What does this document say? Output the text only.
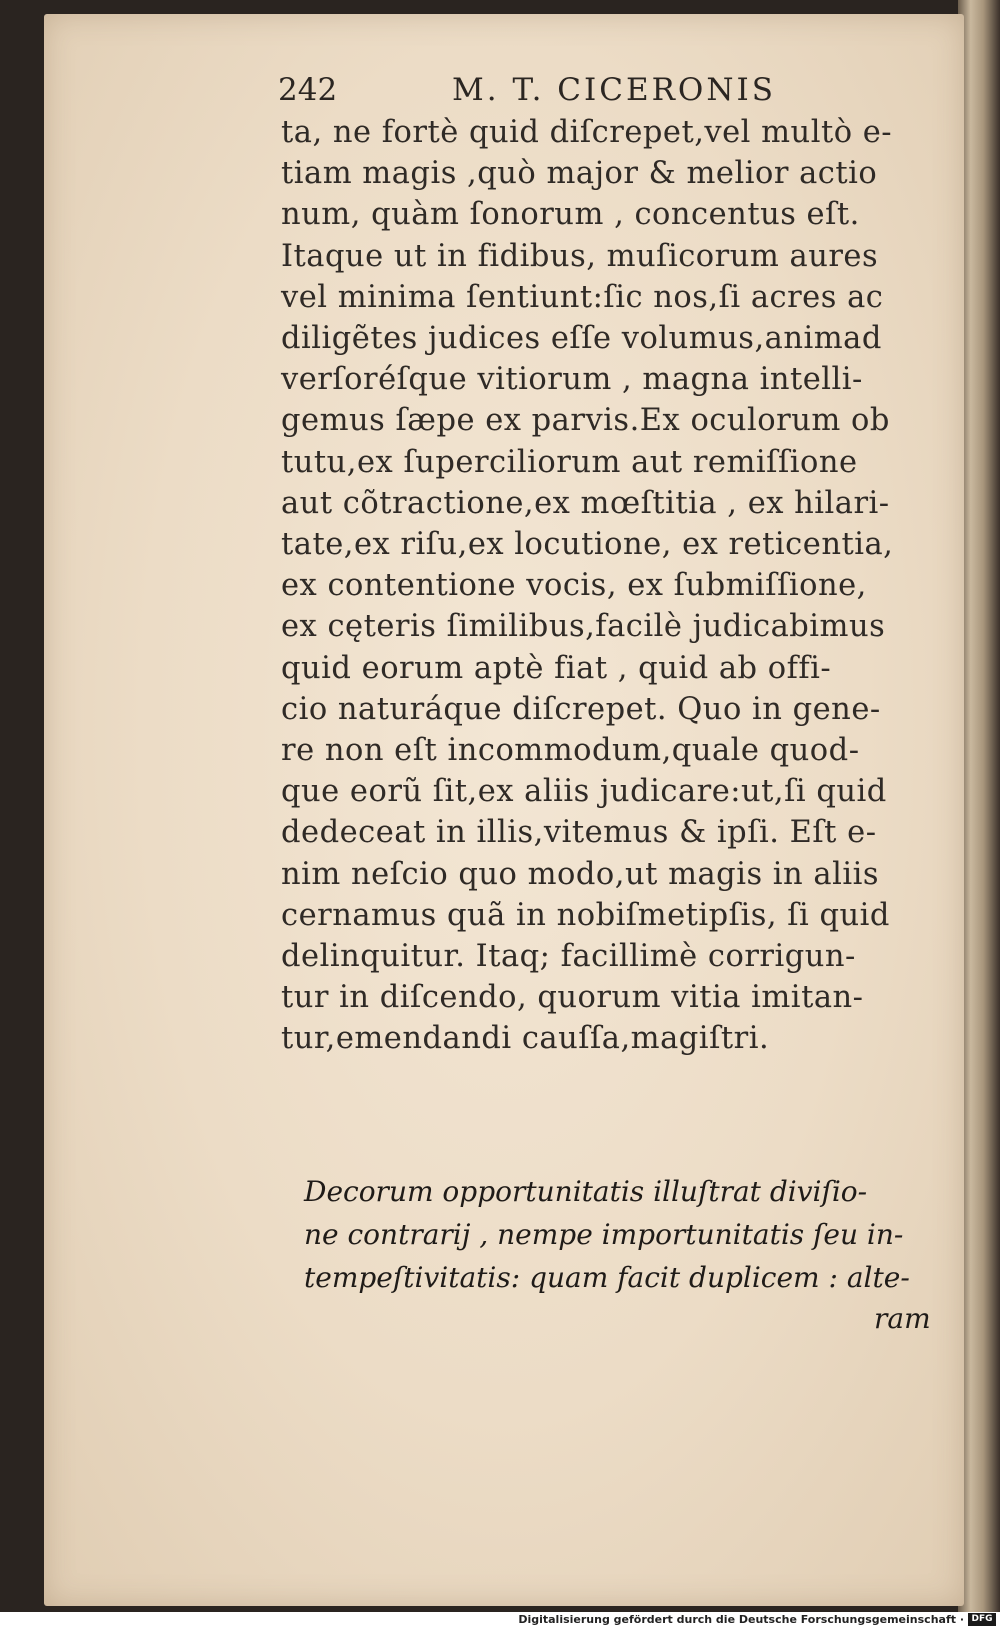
242	M. T. CICERONIS
ta, ne fortè quid diſcrepet,vel multò e-
tiam magis ,quò major & melior actio
num, quàm ſonorum , concentus eſt.
Itaque ut in fidibus, muſicorum aures
vel minima ſentiunt:ſic nos,ſi acres ac
diligẽtes judices eſſe volumus,animad
verſoréſque vitiorum , magna intelli-
gemus ſæpe ex parvis.Ex oculorum ob
tutu,ex ſuperciliorum aut remiſſione
aut cõtractione,ex mœſtitia , ex hilari-
tate,ex riſu,ex locutione, ex reticentia,
ex contentione vocis, ex ſubmiſſione,
ex cęteris ſimilibus,facilè judicabimus
quid eorum aptè fiat , quid ab offi-
cio naturáque diſcrepet. Quo in gene-
re non eſt incommodum,quale quod-
que eorũ ſit,ex aliis judicare:ut,ſi quid
dedeceat in illis,vitemus & ipſi. Eſt e-
nim neſcio quo modo,ut magis in aliis
cernamus quã in nobiſmetipſis, ſi quid
delinquitur. Itaq; facillimè corrigun-
tur in diſcendo, quorum vitia imitan-
tur,emendandi cauſſa,magiſtri.
Decorum opportunitatis illuſtrat diviſio-
ne contrarij , nempe importunitatis ſeu in-
tempeſtivitatis: quam facit duplicem : alte-
ram
Digitalisierung gefördert durch die Deutsche Forschungsgemeinschaft · DFG
